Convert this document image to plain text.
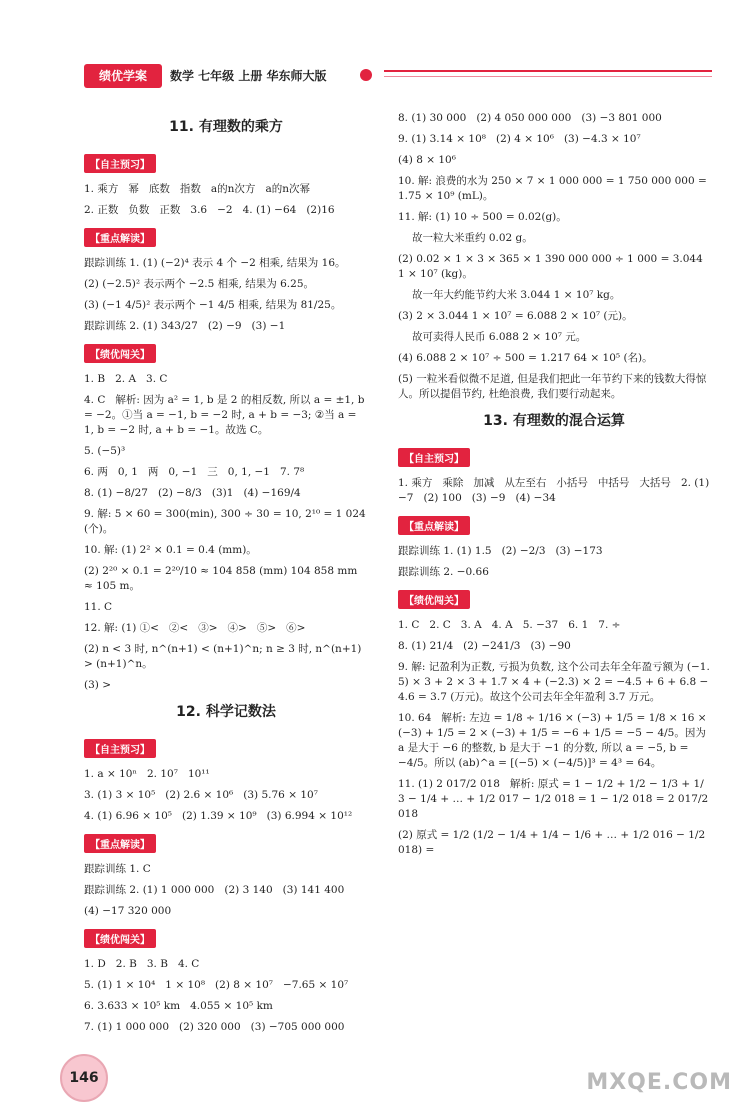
绩优学案	数学 七年级 上册 华东师大版
11. 有理数的乘方
【自主预习】
1. 乘方   幂   底数   指数   a的n次方   a的n次幂
2. 正数   负数   正数   3.6   −2   4. (1) −64   (2)16
【重点解读】
跟踪训练 1. (1) (−2)⁴ 表示 4 个 −2 相乘, 结果为 16。
(2) (−2.5)² 表示两个 −2.5 相乘, 结果为 6.25。
(3) (−1 4/5)² 表示两个 −1 4/5 相乘, 结果为 81/25。
跟踪训练 2. (1) 343/27   (2) −9   (3) −1
【绩优闯关】
1. B   2. A   3. C
4. C   解析: 因为 a² = 1, b 是 2 的相反数, 所以 a = ±1, b = −2。①当 a = −1, b = −2 时, a + b = −3; ②当 a = 1, b = −2 时, a + b = −1。故选 C。
5. (−5)³
6. 两   0, 1   两   0, −1   三   0, 1, −1   7. 7⁸
8. (1) −8/27   (2) −8/3   (3)1   (4) −169/4
9. 解: 5 × 60 = 300(min), 300 ÷ 30 = 10, 2¹⁰ = 1 024(个)。
10. 解: (1) 2² × 0.1 = 0.4 (mm)。
(2) 2²⁰ × 0.1 = 2²⁰/10 ≈ 104 858 (mm) 104 858 mm ≈ 105 m。
11. C
12. 解: (1) ①<   ②<   ③>   ④>   ⑤>   ⑥>
(2) n < 3 时, n^(n+1) < (n+1)^n; n ≥ 3 时, n^(n+1) > (n+1)^n。
(3) >
12. 科学记数法
【自主预习】
1. a × 10ⁿ   2. 10⁷   10¹¹
3. (1) 3 × 10⁵   (2) 2.6 × 10⁶   (3) 5.76 × 10⁷
4. (1) 6.96 × 10⁵   (2) 1.39 × 10⁹   (3) 6.994 × 10¹²
【重点解读】
跟踪训练 1. C
跟踪训练 2. (1) 1 000 000   (2) 3 140   (3) 141 400
(4) −17 320 000
【绩优闯关】
1. D   2. B   3. B   4. C
5. (1) 1 × 10⁴   1 × 10⁸   (2) 8 × 10⁷   −7.65 × 10⁷
6. 3.633 × 10⁵ km   4.055 × 10⁵ km
7. (1) 1 000 000   (2) 320 000   (3) −705 000 000
8. (1) 30 000   (2) 4 050 000 000   (3) −3 801 000
9. (1) 3.14 × 10⁸   (2) 4 × 10⁶   (3) −4.3 × 10⁷
(4) 8 × 10⁶
10. 解: 浪费的水为 250 × 7 × 1 000 000 = 1 750 000 000 = 1.75 × 10⁹ (mL)。
11. 解: (1) 10 ÷ 500 = 0.02(g)。
故一粒大米重约 0.02 g。
(2) 0.02 × 1 × 3 × 365 × 1 390 000 000 ÷ 1 000 = 3.044 1 × 10⁷ (kg)。
故一年大约能节约大米 3.044 1 × 10⁷ kg。
(3) 2 × 3.044 1 × 10⁷ = 6.088 2 × 10⁷ (元)。
故可卖得人民币 6.088 2 × 10⁷ 元。
(4) 6.088 2 × 10⁷ ÷ 500 = 1.217 64 × 10⁵ (名)。
(5) 一粒米看似微不足道, 但是我们把此一年节约下来的钱数大得惊人。所以提倡节约, 杜绝浪费, 我们要行动起来。
13. 有理数的混合运算
【自主预习】
1. 乘方   乘除   加减   从左至右   小括号   中括号   大括号   2. (1) −7   (2) 100   (3) −9   (4) −34
【重点解读】
跟踪训练 1. (1) 1.5   (2) −2/3   (3) −173
跟踪训练 2. −0.66
【绩优闯关】
1. C   2. C   3. A   4. A   5. −37   6. 1   7. ÷
8. (1) 21/4   (2) −241/3   (3) −90
9. 解: 记盈利为正数, 亏损为负数, 这个公司去年全年盈亏额为 (−1.5) × 3 + 2 × 3 + 1.7 × 4 + (−2.3) × 2 = −4.5 + 6 + 6.8 − 4.6 = 3.7 (万元)。故这个公司去年全年盈利 3.7 万元。
10. 64   解析: 左边 = 1/8 ÷ 1/16 × (−3) + 1/5 = 1/8 × 16 × (−3) + 1/5 = 2 × (−3) + 1/5 = −6 + 1/5 = −5 − 4/5。因为 a 是大于 −6 的整数, b 是大于 −1 的分数, 所以 a = −5, b = −4/5。所以 (ab)^a = [(−5) × (−4/5)]³ = 4³ = 64。
11. (1) 2 017/2 018   解析: 原式 = 1 − 1/2 + 1/2 − 1/3 + 1/3 − 1/4 + … + 1/2 017 − 1/2 018 = 1 − 1/2 018 = 2 017/2 018
(2) 原式 = 1/2 (1/2 − 1/4 + 1/4 − 1/6 + … + 1/2 016 − 1/2 018) =
146	MXQE.COM
